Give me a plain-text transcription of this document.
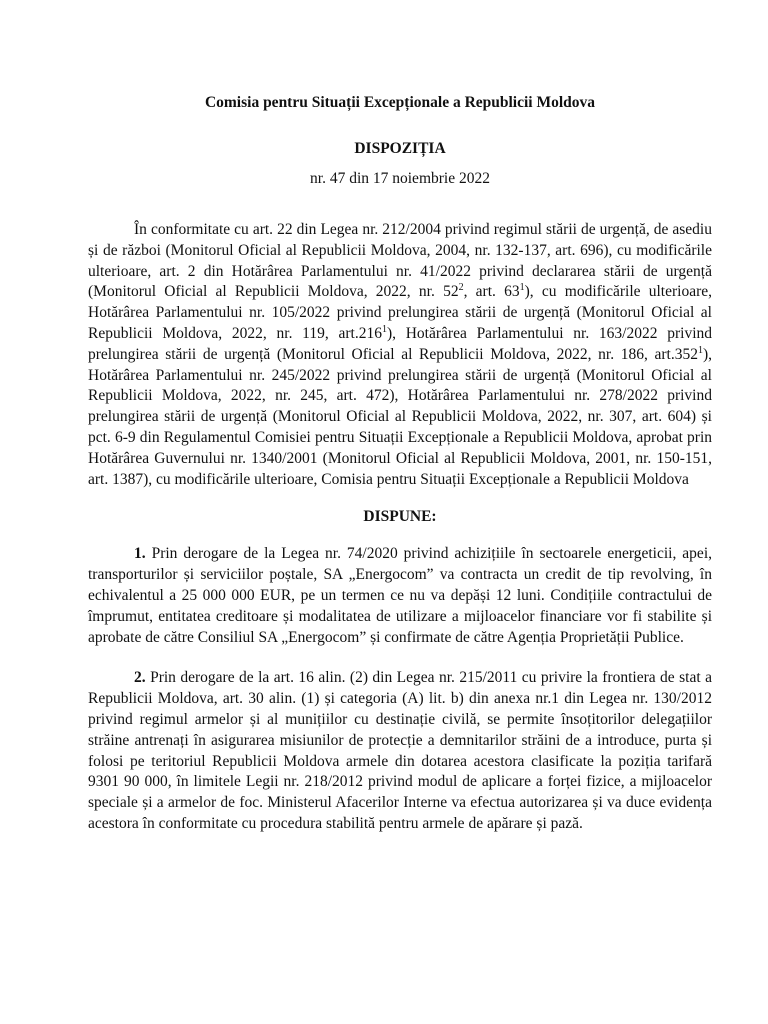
Comisia pentru Situații Excepționale a Republicii Moldova
DISPOZIȚIA

nr. 47 din 17 noiembrie 2022

În conformitate cu art. 22 din Legea nr. 212/2004 privind regimul stării de urgență, de asediu și de război (Monitorul Oficial al Republicii Moldova, 2004, nr. 132-137, art. 696), cu modificările ulterioare, art. 2 din Hotărârea Parlamentului nr. 41/2022 privind declararea stării de urgență (Monitorul Oficial al Republicii Moldova, 2022, nr. $52^2$, art. $63^1$), cu modificările ulterioare, Hotărârea Parlamentului nr. 105/2022 privind prelungirea stării de urgență (Monitorul Oficial al Republicii Moldova, 2022, nr. 119, art.216$^1$), Hotărârea Parlamentului nr. 163/2022 privind prelungirea stării de urgență (Monitorul Oficial al Republicii Moldova, 2022, nr. 186, art.352$^1$), Hotărârea Parlamentului nr. 245/2022 privind prelungirea stării de urgență (Monitorul Oficial al Republicii Moldova, 2022, nr. 245, art. 472), Hotărârea Parlamentului nr. 278/2022 privind prelungirea stării de urgență (Monitorul Oficial al Republicii Moldova, 2022, nr. 307, art. 604) și pct. 6-9 din Regulamentul Comisiei pentru Situații Excepționale a Republicii Moldova, aprobat prin Hotărârea Guvernului nr. 1340/2001 (Monitorul Oficial al Republicii Moldova, 2001, nr. 150-151, art. 1387), cu modificările ulterioare, Comisia pentru Situații Excepționale a Republicii Moldova

DISPUNE:

1. Prin derogare de la Legea nr. 74/2020 privind achizițiile în sectoarele energeticii, apei, transporturilor și serviciilor poștale, SA „Energocom” va contracta un credit de tip revolving, în echivalentul a 25 000 000 EUR, pe un termen ce nu va depăși 12 luni. Condițiile contractului de împrumut, entitatea creditoare și modalitatea de utilizare a mijloacelor financiare vor fi stabilite și aprobate de către Consiliul SA „Energocom” și confirmate de către Agenția Proprietății Publice.

2. Prin derogare de la art. 16 alin. (2) din Legea nr. 215/2011 cu privire la frontiera de stat a Republicii Moldova, art. 30 alin. (1) și categoria (A) lit. b) din anexa nr.1 din Legea nr. 130/2012 privind regimul armelor și al munițiilor cu destinație civilă, se permite însoțitorilor delegațiilor străine antrenați în asigurarea misiunilor de protecție a demnitarilor străini de a introduce, purta și folosi pe teritoriul Republicii Moldova armele din dotarea acestora clasificate la poziția tarifară 9301 90 000, în limitele Legii nr. 218/2012 privind modul de aplicare a forței fizice, a mijloacelor speciale și a armelor de foc. Ministerul Afacerilor Interne va efectua autorizarea și va duce evidența acestora în conformitate cu procedura stabilită pentru armele de apărare și pază.
